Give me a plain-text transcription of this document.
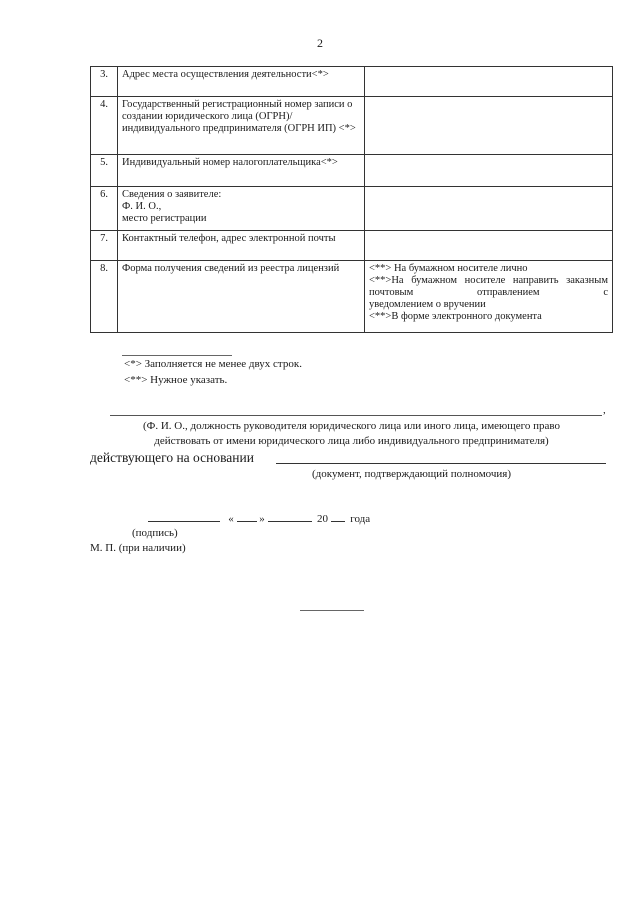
2
3.	Адрес места осуществления деятельности<*>	
4.	Государственный регистрационный номер записи о создании юридического лица (ОГРН)/индивидуального предпринимателя (ОГРН ИП) <*>	
5.	Индивидуальный номер налогоплательщика<*>	
6.	Сведения о заявителе:
Ф. И. О.,
место регистрации	

7.	Контактный телефон, адрес электронной почты	
8.	Форма получения сведений из реестра лицензий	<**> На бумажном носителе лично
<**>На бумажном носителе направить заказным почтовым отправлением с
уведомлением о вручении
<**>В форме электронного документа
<*> Заполняется не менее двух строк.
<**> Нужное указать.
,
(Ф. И. О., должность руководителя юридического лица или иного лица, имеющего право
действовать от имени юридического лица либо индивидуального предпринимателя)
действующего на основании
(документ, подтверждающий полномочия)
« »	20 года
(подпись)
М. П. (при наличии)
